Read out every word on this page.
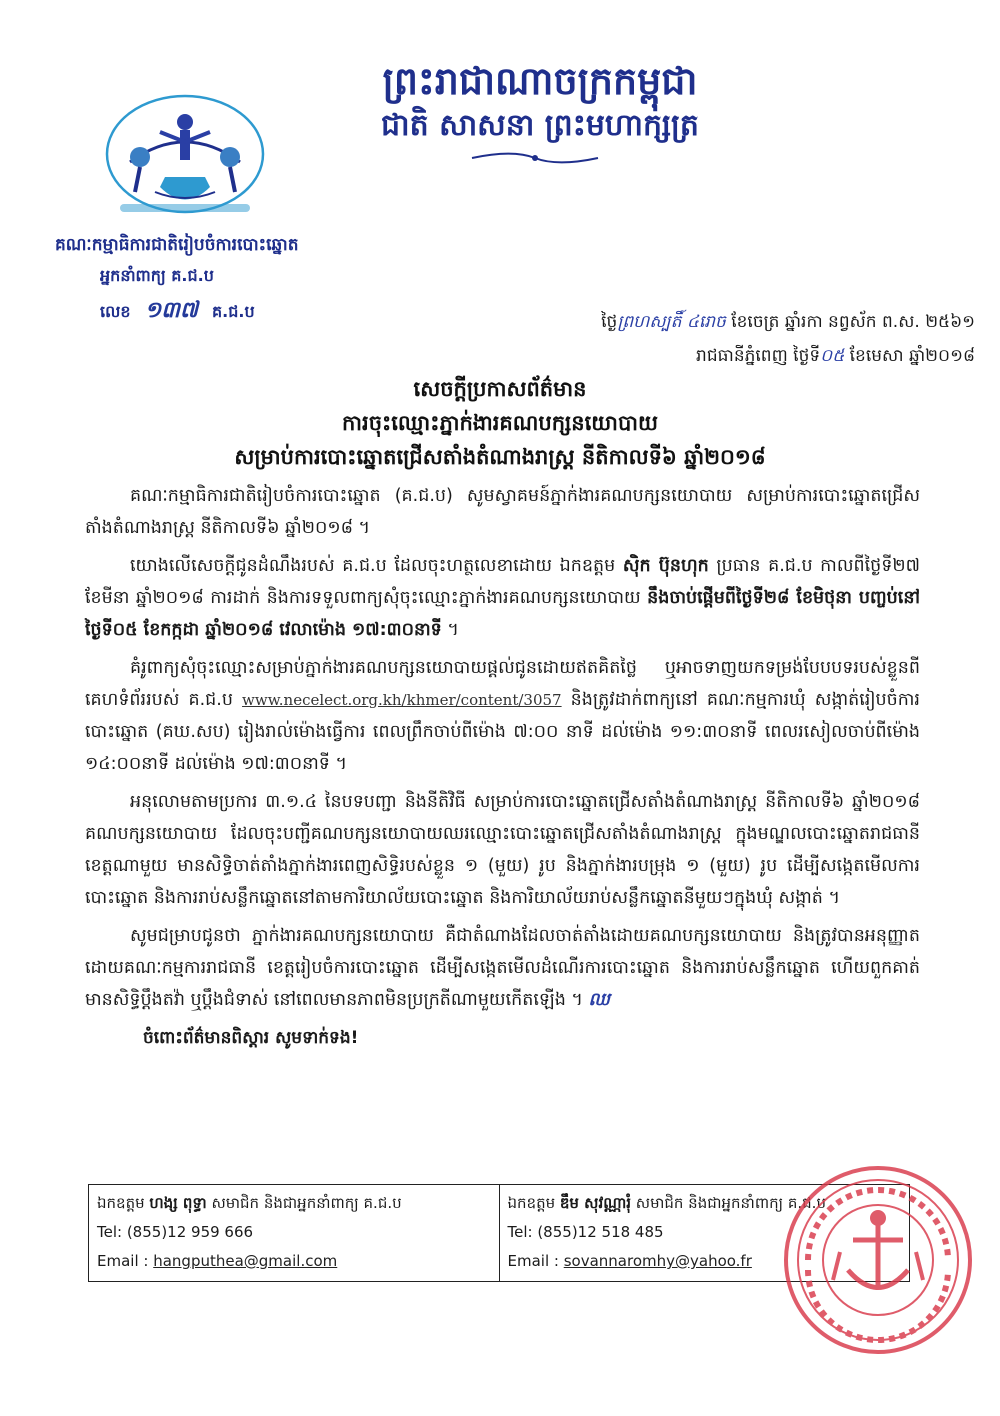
ព្រះរាជាណាចក្រកម្ពុជា
ជាតិ សាសនា ព្រះមហាក្សត្រ
គណៈកម្មាធិការជាតិរៀបចំការបោះឆ្នោត
អ្នកនាំពាក្យ គ.ជ.ប
លេខ ១៣៧ គ.ជ.ប
ថ្ងៃព្រហស្បតិ៍ ៤រោច ខែចេត្រ ឆ្នាំរកា នព្វស័ក ព.ស. ២៥៦១
រាជធានីភ្នំពេញ ថ្ងៃទី០៥ ខែមេសា ឆ្នាំ២០១៨
សេចក្តីប្រកាសព័ត៌មាន
ការចុះឈ្មោះភ្នាក់ងារគណបក្សនយោបាយ
សម្រាប់ការបោះឆ្នោតជ្រើសតាំងតំណាងរាស្ត្រ នីតិកាលទី៦ ឆ្នាំ២០១៨

គណៈកម្មាធិការជាតិរៀបចំការបោះឆ្នោត (គ.ជ.ប) សូមស្វាគមន៍ភ្នាក់ងារគណបក្សនយោបាយ សម្រាប់ការបោះឆ្នោតជ្រើសតាំងតំណាងរាស្ត្រ នីតិកាលទី៦ ឆ្នាំ២០១៨ ។

យោងលើសេចក្តីជូនដំណឹងរបស់ គ.ជ.ប ដែលចុះហត្ថលេខាដោយ ឯកឧត្តម ស៊ិក ប៊ុនហុក ប្រធាន គ.ជ.ប កាលពីថ្ងៃទី២៧ ខែមីនា ឆ្នាំ២០១៨ ការដាក់ និងការទទួលពាក្យសុំចុះឈ្មោះភ្នាក់ងារគណបក្សនយោបាយ នឹងចាប់ផ្តើមពីថ្ងៃទី២៨ ខែមិថុនា បញ្ចប់នៅថ្ងៃទី០៥ ខែកក្កដា ឆ្នាំ២០១៨ វេលាម៉ោង ១៧:៣០នាទី ។

គំរូពាក្យសុំចុះឈ្មោះសម្រាប់ភ្នាក់ងារគណបក្សនយោបាយផ្តល់ជូនដោយឥតគិតថ្លៃ ឬអាចទាញយកទម្រង់បែបបទរបស់ខ្លួនពីគេហទំព័ររបស់ គ.ជ.ប www.necelect.org.kh/khmer/content/3057 និងត្រូវដាក់ពាក្យនៅ គណៈកម្មការឃុំ សង្កាត់រៀបចំការបោះឆ្នោត (គឃ.សប) រៀងរាល់ម៉ោងធ្វើការ ពេលព្រឹកចាប់ពីម៉ោង ៧:០០ នាទី ដល់ម៉ោង ១១:៣០នាទី ពេលរសៀលចាប់ពីម៉ោង ១៤:០០នាទី ដល់ម៉ោង ១៧:៣០នាទី ។

អនុលោមតាមប្រការ ៣.១.៤ នៃបទបញ្ជា និងនីតិវិធី សម្រាប់ការបោះឆ្នោតជ្រើសតាំងតំណាងរាស្ត្រ នីតិកាលទី៦ ឆ្នាំ២០១៨ គណបក្សនយោបាយ ដែលចុះបញ្ជីគណបក្សនយោបាយឈរឈ្មោះបោះឆ្នោតជ្រើសតាំងតំណាងរាស្ត្រ ក្នុងមណ្ឌលបោះឆ្នោតរាជធានី ខេត្តណាមួយ មានសិទ្ធិចាត់តាំងភ្នាក់ងារពេញសិទ្ធិរបស់ខ្លួន ១ (មួយ) រូប និងភ្នាក់ងារបម្រុង ១ (មួយ) រូប ដើម្បីសង្កេតមើលការបោះឆ្នោត និងការរាប់សន្លឹកឆ្នោតនៅតាមការិយាល័យបោះឆ្នោត និងការិយាល័យរាប់សន្លឹកឆ្នោតនីមួយៗក្នុងឃុំ សង្កាត់ ។

សូមជម្រាបជូនថា ភ្នាក់ងារគណបក្សនយោបាយ គឺជាតំណាងដែលចាត់តាំងដោយគណបក្សនយោបាយ និងត្រូវបានអនុញ្ញាតដោយគណៈកម្មការរាជធានី ខេត្តរៀបចំការបោះឆ្នោត ដើម្បីសង្កេតមើលដំណើរការបោះឆ្នោត និងការរាប់សន្លឹកឆ្នោត ហើយពួកគាត់មានសិទ្ធិប្តឹងតវ៉ា ឬប្តឹងជំទាស់ នៅពេលមានភាពមិនប្រក្រតីណាមួយកើតឡើង ។ ឈ

ចំពោះព័ត៌មានពិស្តារ សូមទាក់ទង!
ឯកឧត្តម ហង្ស ពុទ្ធា សមាជិក និងជាអ្នកនាំពាក្យ គ.ជ.ប
Tel: (855)12 959 666
Email : hangputhea@gmail.com
ឯកឧត្តម ឌឹម សុវណ្ណារុំ សមាជិក និងជាអ្នកនាំពាក្យ គ.ជ.ប
Tel: (855)12 518 485
Email : sovannaromhy@yahoo.fr
